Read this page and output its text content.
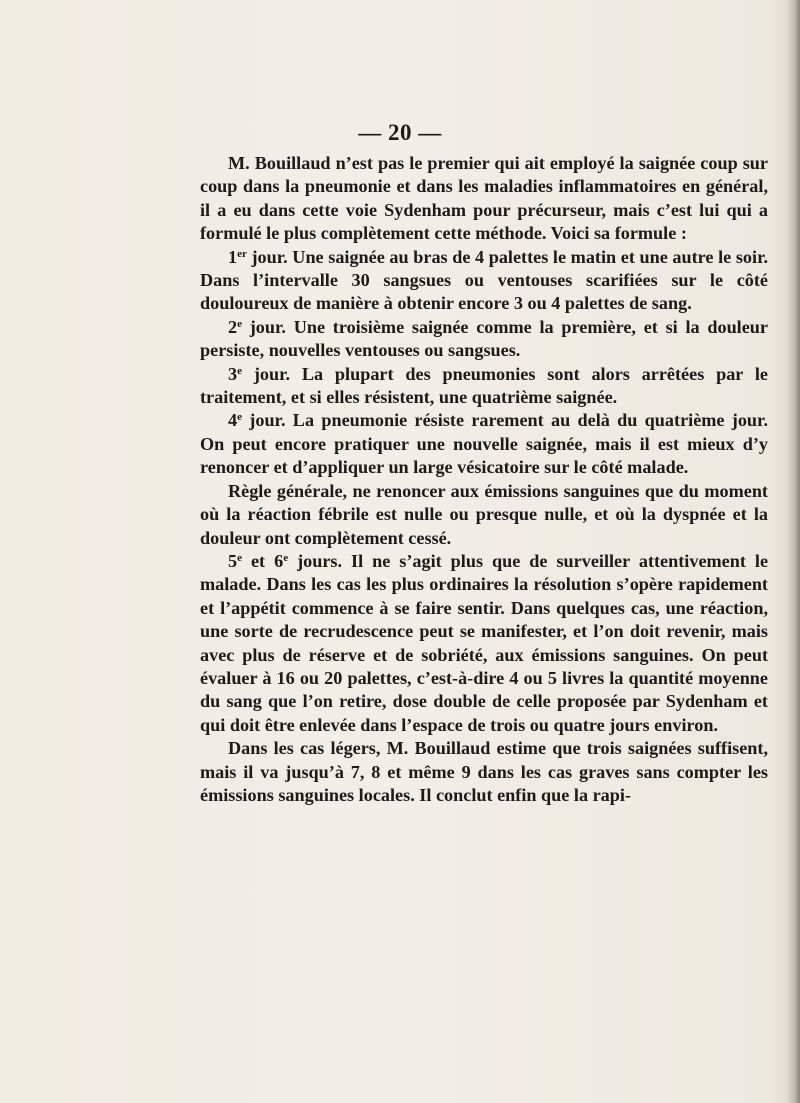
— 20 —

M. Bouillaud n’est pas le premier qui ait employé la saignée coup sur coup dans la pneumonie et dans les maladies inflammatoires en général, il a eu dans cette voie Sydenham pour précurseur, mais c’est lui qui a formulé le plus complètement cette méthode. Voici sa formule :

1er jour. Une saignée au bras de 4 palettes le matin et une autre le soir. Dans l’intervalle 30 sangsues ou ventouses scarifiées sur le côté douloureux de manière à obtenir encore 3 ou 4 palettes de sang.

2e jour. Une troisième saignée comme la première, et si la douleur persiste, nouvelles ventouses ou sangsues.

3e jour. La plupart des pneumonies sont alors arrêtées par le traitement, et si elles résistent, une quatrième saignée.

4e jour. La pneumonie résiste rarement au delà du quatrième jour. On peut encore pratiquer une nouvelle saignée, mais il est mieux d’y renoncer et d’appliquer un large vésicatoire sur le côté malade.

Règle générale, ne renoncer aux émissions sanguines que du moment où la réaction fébrile est nulle ou presque nulle, et où la dyspnée et la douleur ont complètement cessé.

5e et 6e jours. Il ne s’agit plus que de surveiller attentivement le malade. Dans les cas les plus ordinaires la résolution s’opère rapidement et l’appétit commence à se faire sentir. Dans quelques cas, une réaction, une sorte de recrudescence peut se manifester, et l’on doit revenir, mais avec plus de réserve et de sobriété, aux émissions sanguines. On peut évaluer à 16 ou 20 palettes, c’est-à-dire 4 ou 5 livres la quantité moyenne du sang que l’on retire, dose double de celle proposée par Sydenham et qui doit être enlevée dans l’espace de trois ou quatre jours environ.

Dans les cas légers, M. Bouillaud estime que trois saignées suffisent, mais il va jusqu’à 7, 8 et même 9 dans les cas graves sans compter les émissions sanguines locales. Il conclut enfin que la rapi-
